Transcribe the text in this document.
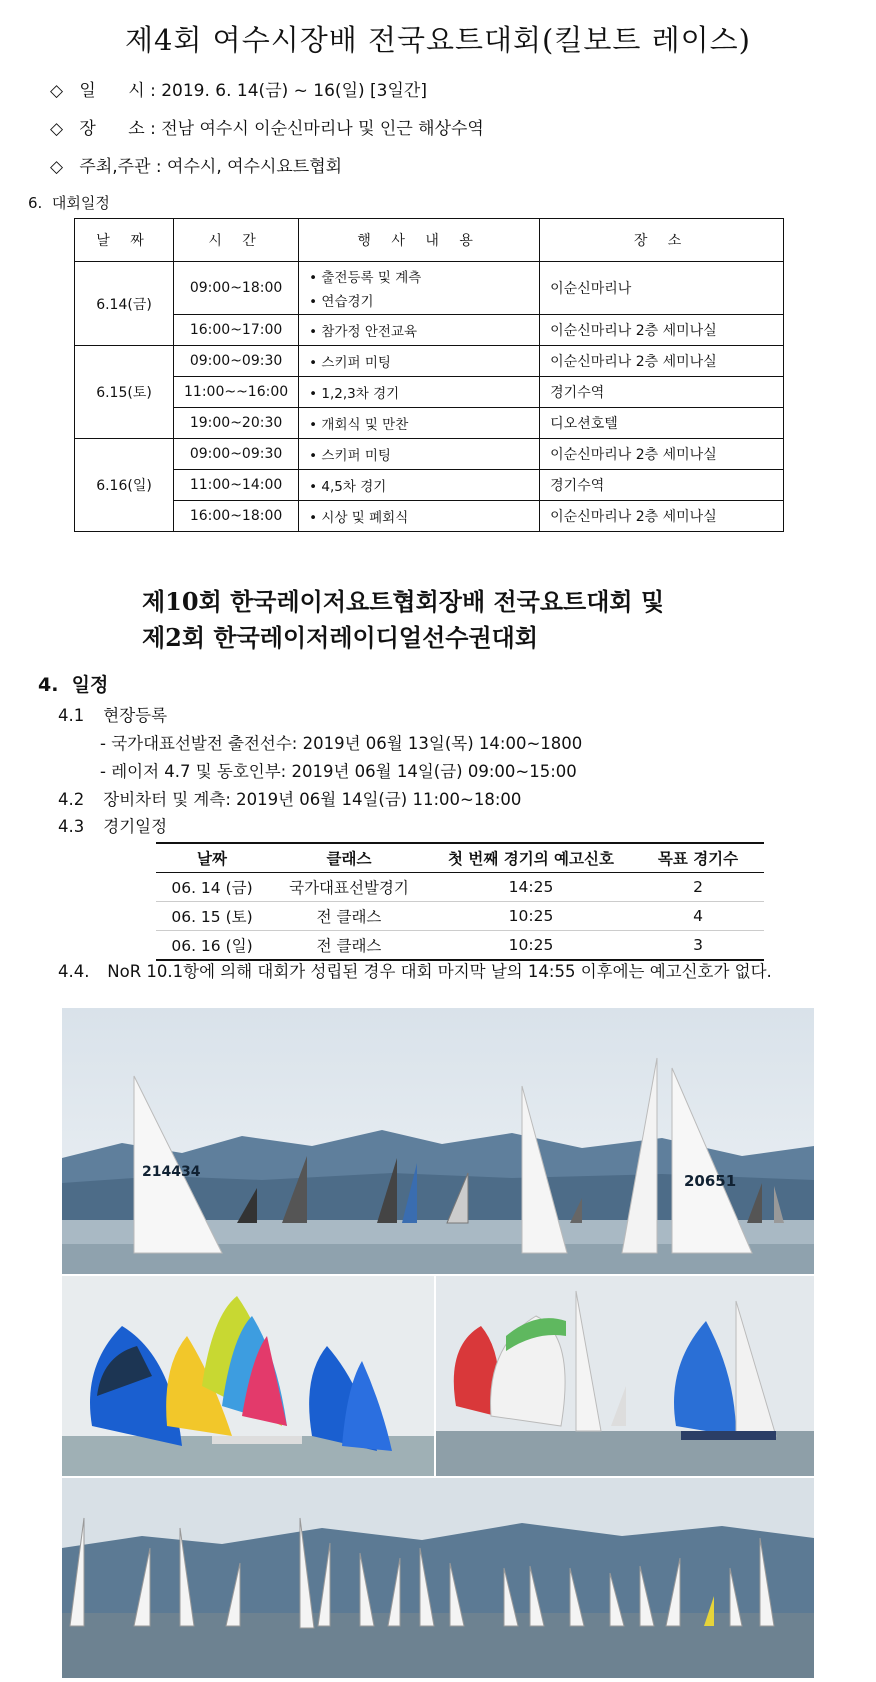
제4회 여수시장배 전국요트대회(킬보트 레이스)
◇ 일      시 : 2019. 6. 14(금) ~ 16(일) [3일간]
◇ 장      소 : 전남 여수시 이순신마리나 및 인근 해상수역
◇ 주최,주관 : 여수시, 여수시요트협회
6.  대회일정
날 짜	시 간	행 사 내 용	장 소
6.14(금)	09:00~18:00	• 출전등록 및 계측
• 연습경기	이순신마리나
	16:00~17:00	• 참가정 안전교육	이순신마리나 2층 세미나실
6.15(토)	09:00~09:30	• 스키퍼 미팅	이순신마리나 2층 세미나실
	11:00~~16:00	• 1,2,3차 경기	경기수역
	19:00~20:30	• 개회식 및 만찬	디오션호텔
6.16(일)	09:00~09:30	• 스키퍼 미팅	이순신마리나 2층 세미나실
	11:00~14:00	• 4,5차 경기	경기수역
	16:00~18:00	• 시상 및 폐회식	이순신마리나 2층 세미나실
제10회 한국레이저요트협회장배 전국요트대회 및
제2회 한국레이저레이디얼선수권대회
4.  일정
4.1 현장등록
- 국가대표선발전 출전선수: 2019년 06월 13일(목) 14:00~1800
- 레이저 4.7 및 동호인부: 2019년 06월 14일(금) 09:00~15:00
4.2 장비차터 및 계측: 2019년 06월 14일(금) 11:00~18:00
4.3 경기일정
날짜	클래스	첫 번째 경기의 예고신호	목표 경기수
06. 14 (금)	국가대표선발경기	14:25	2
06. 15 (토)	전 클래스	10:25	4
06. 16 (일)	전 클래스	10:25	3
4.4. NoR 10.1항에 의해 대회가 성립된 경우 대회 마지막 날의 14:55 이후에는 예고신호가 없다.
214434	20651
